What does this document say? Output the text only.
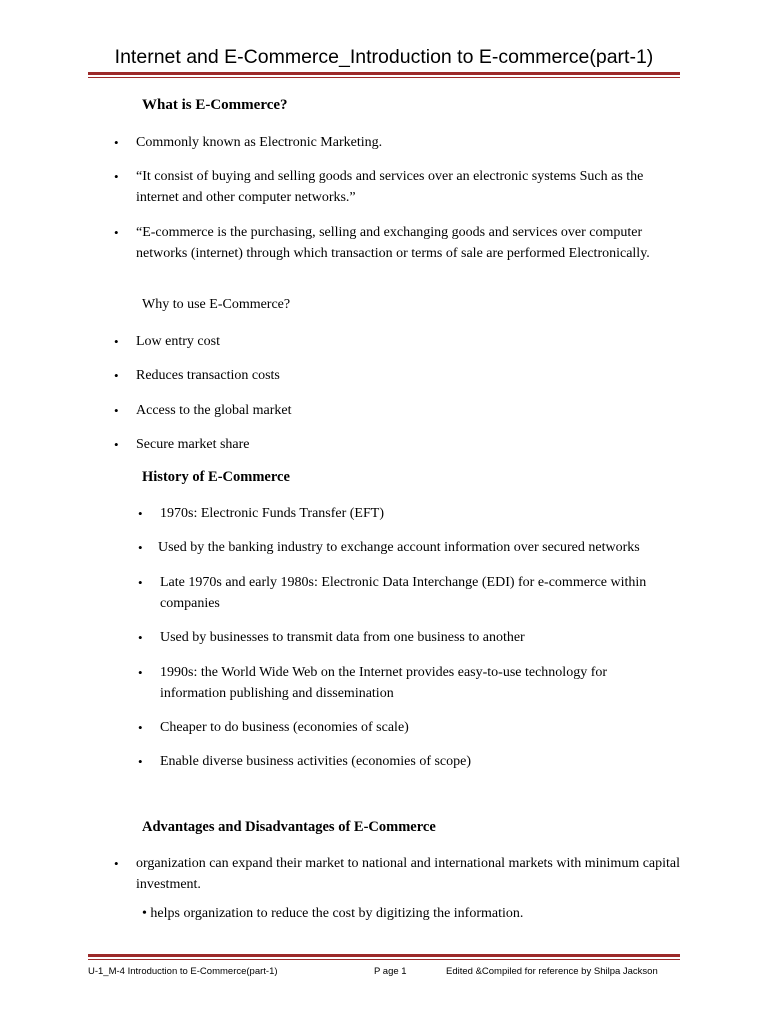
Internet and E-Commerce_Introduction to E-commerce(part-1)
What is E-Commerce?
• Commonly known as Electronic Marketing.
• “It consist of buying and selling goods and services over an electronic systems Such as the internet and other computer networks.”
• “E-commerce is the purchasing, selling and exchanging goods and services over computer networks (internet) through which transaction or terms of sale are performed Electronically.
Why to use E-Commerce?
• Low entry cost
• Reduces transaction costs
• Access to the global market
• Secure market share
History of E-Commerce
• 1970s: Electronic Funds Transfer (EFT)
• Used by the banking industry to exchange account information over secured networks
• Late 1970s and early 1980s: Electronic Data Interchange (EDI) for e-commerce within companies
• Used by businesses to transmit data from one business to another
• 1990s: the World Wide Web on the Internet provides easy-to-use technology for information publishing and dissemination
• Cheaper to do business (economies of scale)
• Enable diverse business activities (economies of scope)
Advantages and Disadvantages of E-Commerce
• organization can expand their market to national and international markets with minimum capital investment.
• helps organization to reduce the cost by digitizing the information.
U-1_M-4 Introduction to E-Commerce(part-1)	P age 1	Edited &Compiled for reference by Shilpa Jackson
